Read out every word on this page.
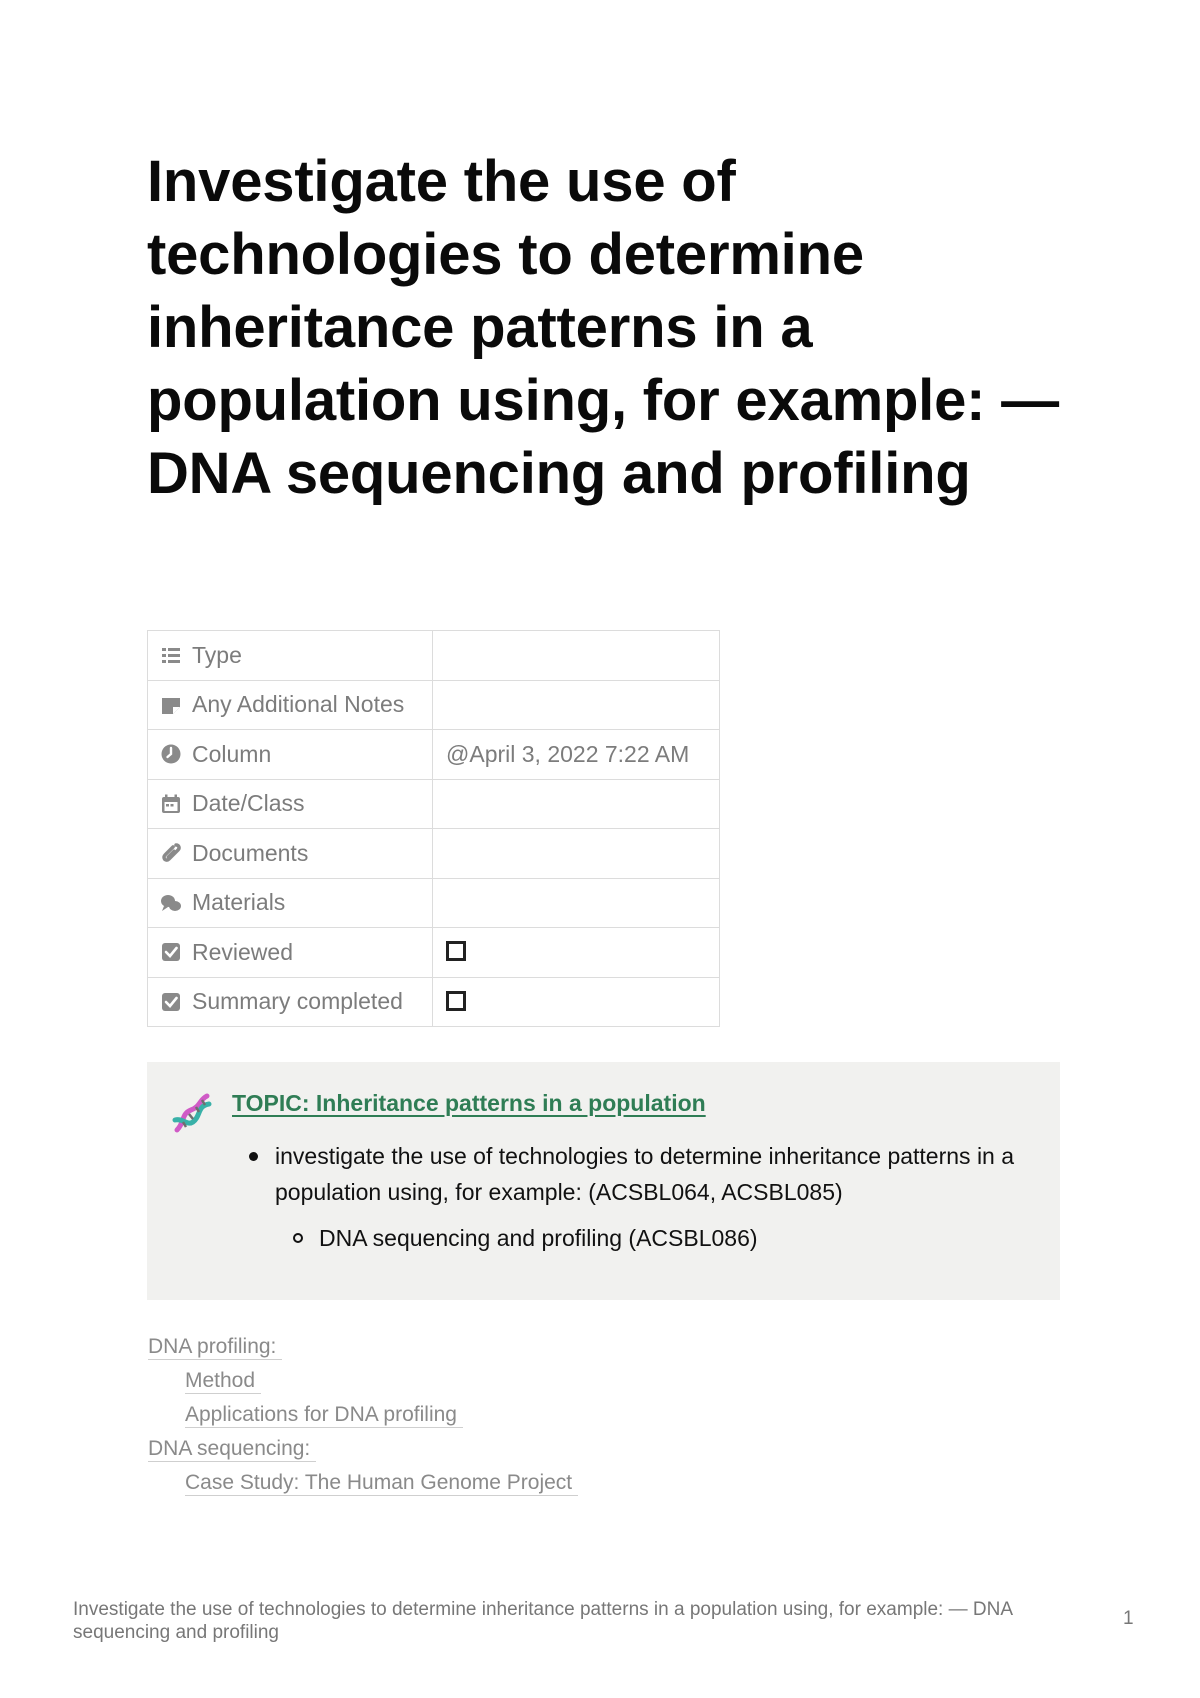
Investigate the use of technologies to determine inheritance patterns in a population using, for example: — DNA sequencing and profiling
Type	

Any Additional Notes	

Column	@April 3, 2022 7:22 AM

Date/Class	

Documents	

Materials	

Reviewed	

Summary completed	

TOPIC: Inheritance patterns in a population
investigate the use of technologies to determine inheritance patterns in a population using, for example: (ACSBL064, ACSBL085)
DNA sequencing and profiling (ACSBL086)
DNA profiling:
Method
Applications for DNA profiling
DNA sequencing:
Case Study: The Human Genome Project
Investigate the use of technologies to determine inheritance patterns in a population using, for example: — DNA sequencing and profiling
1
